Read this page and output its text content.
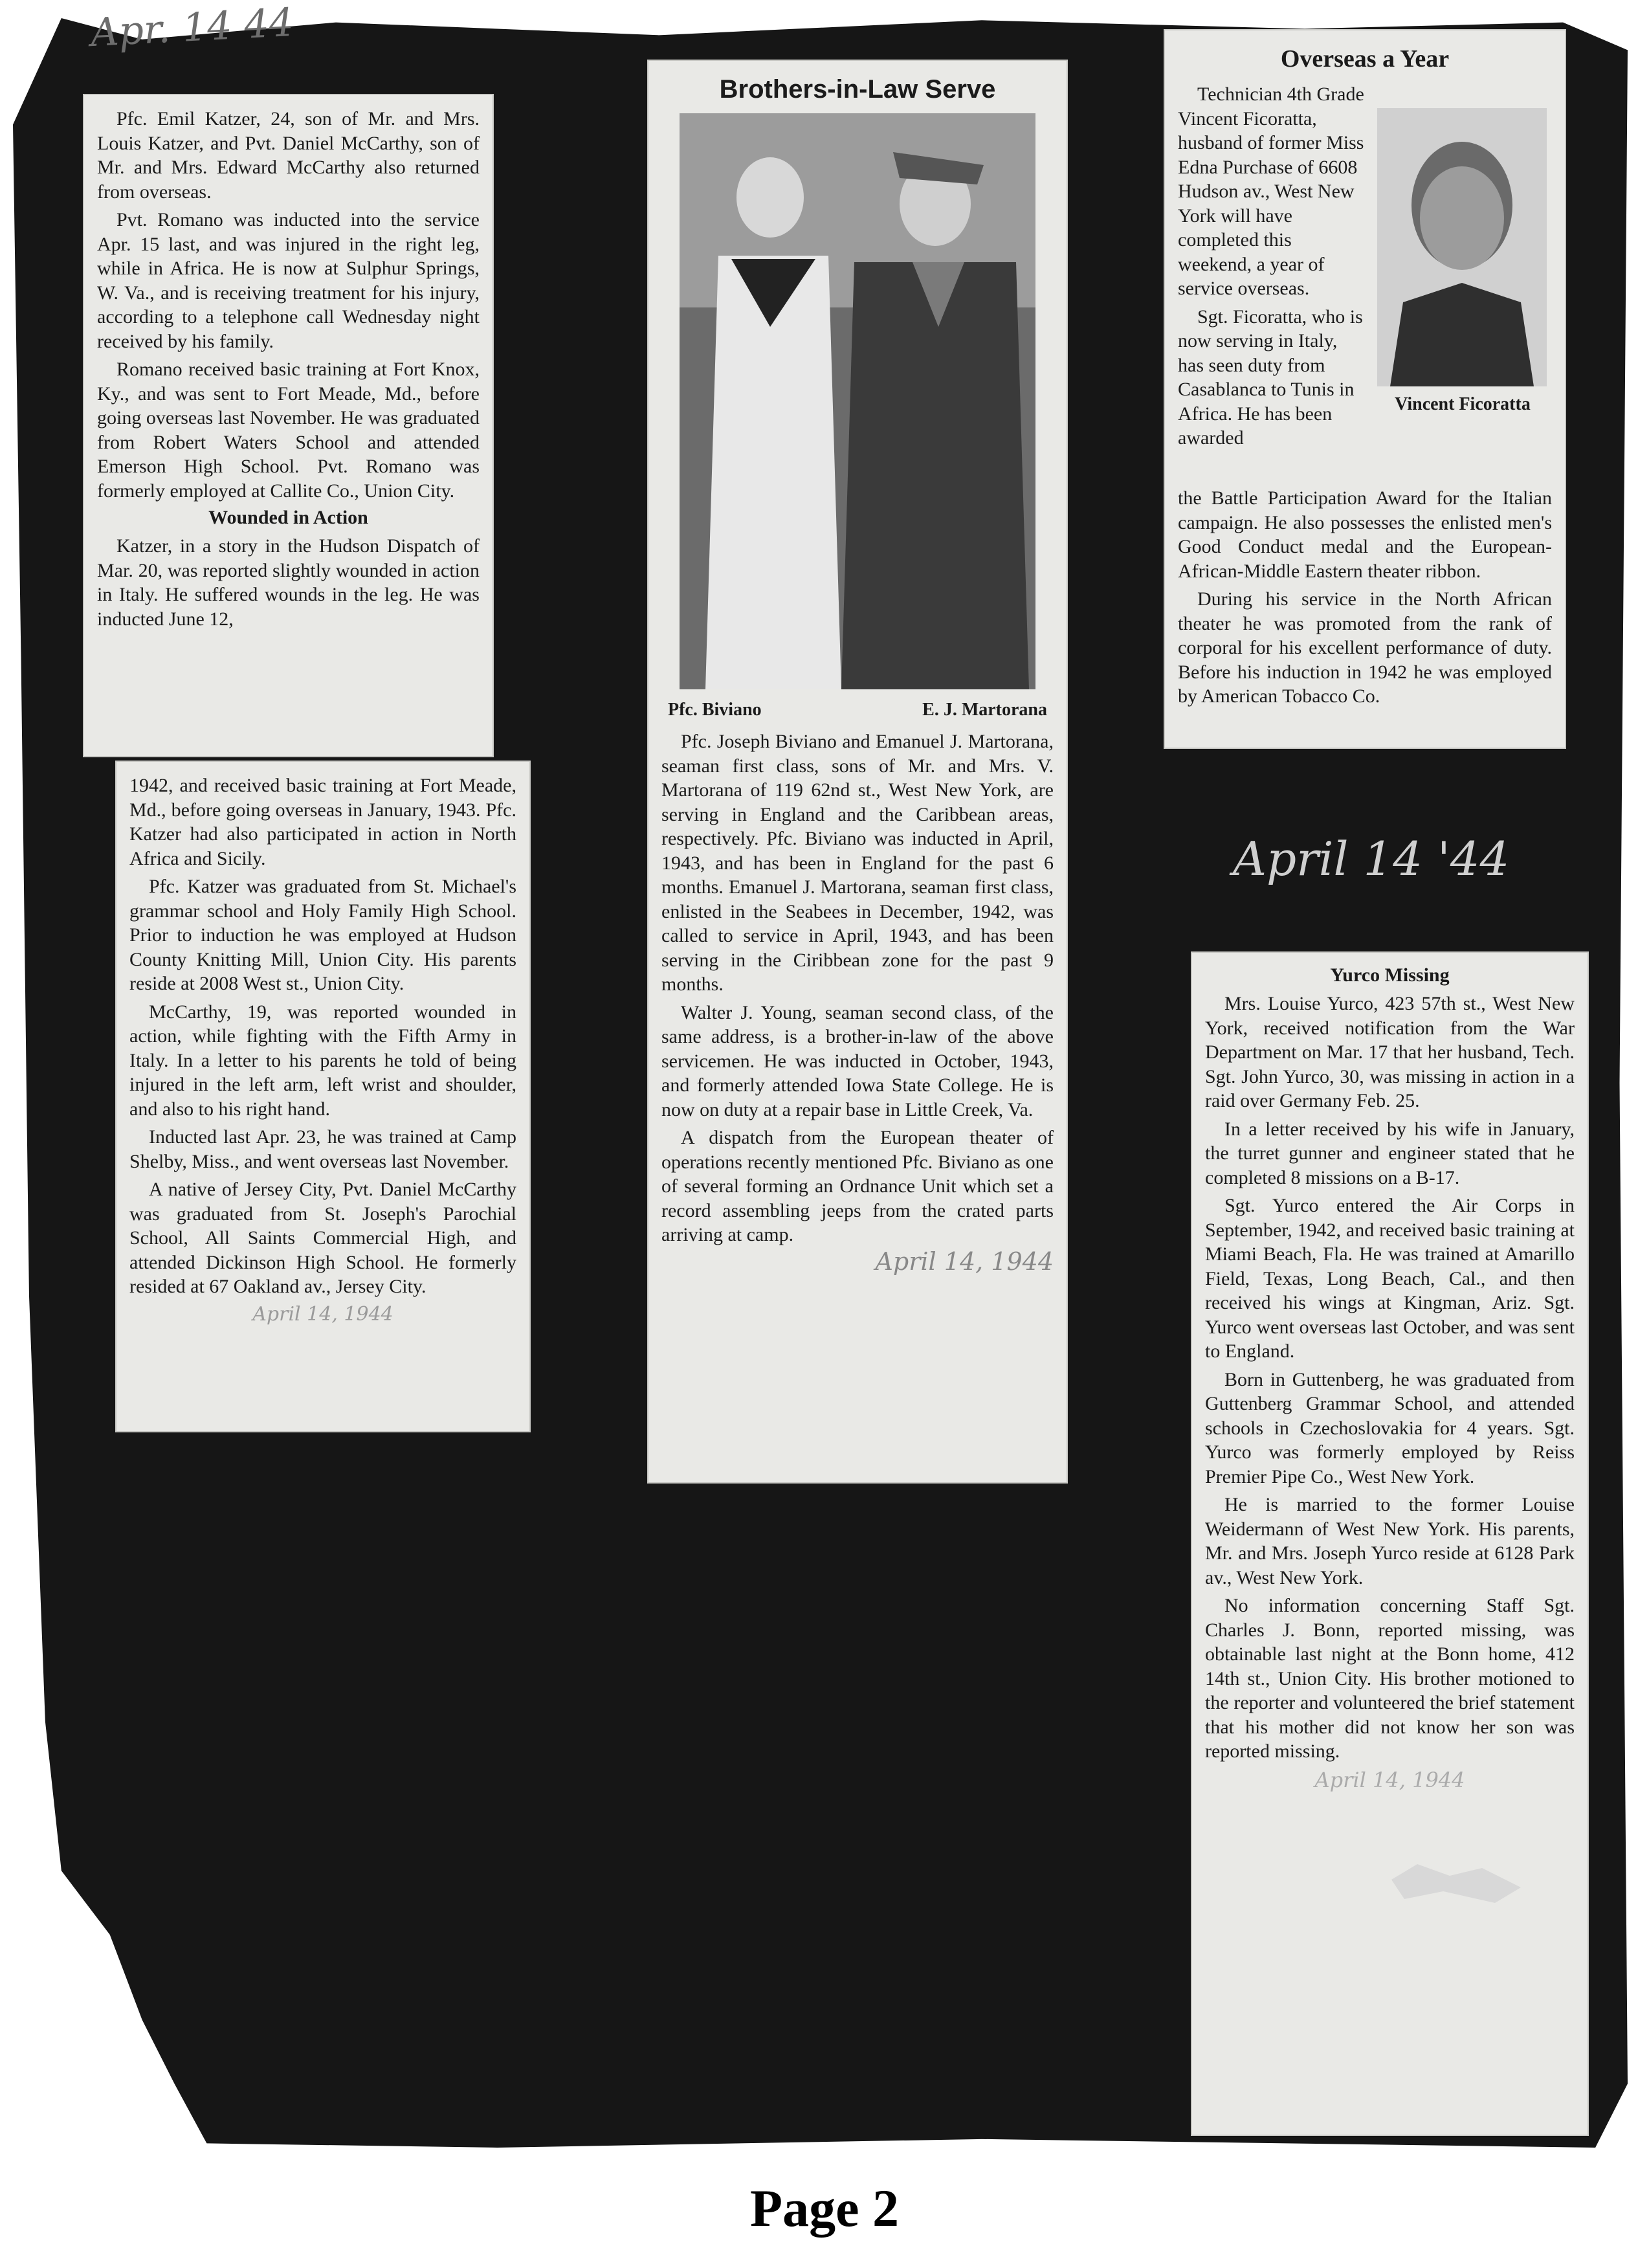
Apr. 14 44

Pfc. Emil Katzer, 24, son of Mr. and Mrs. Louis Katzer, and Pvt. Daniel McCarthy, son of Mr. and Mrs. Edward McCarthy also returned from overseas.

Pvt. Romano was inducted into the service Apr. 15 last, and was injured in the right leg, while in Africa. He is now at Sulphur Springs, W. Va., and is receiving treatment for his injury, according to a telephone call Wednesday night received by his family.

Romano received basic training at Fort Knox, Ky., and was sent to Fort Meade, Md., before going overseas last November. He was graduated from Robert Waters School and attended Emerson High School. Pvt. Romano was formerly employed at Callite Co., Union City.

Wounded in Action

Katzer, in a story in the Hudson Dispatch of Mar. 20, was reported slightly wounded in action in Italy. He suffered wounds in the leg. He was inducted June 12,

1942, and received basic training at Fort Meade, Md., before going overseas in January, 1943. Pfc. Katzer had also participated in action in North Africa and Sicily.

Pfc. Katzer was graduated from St. Michael's grammar school and Holy Family High School. Prior to induction he was employed at Hudson County Knitting Mill, Union City. His parents reside at 2008 West st., Union City.

McCarthy, 19, was reported wounded in action, while fighting with the Fifth Army in Italy. In a letter to his parents he told of being injured in the left arm, left wrist and shoulder, and also to his right hand.

Inducted last Apr. 23, he was trained at Camp Shelby, Miss., and went overseas last November.

A native of Jersey City, Pvt. Daniel McCarthy was graduated from St. Joseph's Parochial School, All Saints Commercial High, and attended Dickinson High School. He formerly resided at 67 Oakland av., Jersey City.

April 14, 1944
Brothers-in-Law Serve
Pfc. Biviano	E. J. Martorana

Pfc. Joseph Biviano and Emanuel J. Martorana, seaman first class, sons of Mr. and Mrs. V. Martorana of 119 62nd st., West New York, are serving in England and the Caribbean areas, respectively. Pfc. Biviano was inducted in April, 1943, and has been in England for the past 6 months. Emanuel J. Martorana, seaman first class, enlisted in the Seabees in December, 1942, was called to service in April, 1943, and has been serving in the Ciribbean zone for the past 9 months.

Walter J. Young, seaman second class, of the same address, is a brother-in-law of the above servicemen. He was inducted in October, 1943, and formerly attended Iowa State College. He is now on duty at a repair base in Little Creek, Va.

A dispatch from the European theater of operations recently mentioned Pfc. Biviano as one of several forming an Ordnance Unit which set a record assembling jeeps from the crated parts arriving at camp.

April 14, 1944
Overseas a Year

Technician 4th Grade Vincent Ficoratta, husband of former Miss Edna Purchase of 6608 Hudson av., West New York will have completed this weekend, a year of service overseas.

Sgt. Ficoratta, who is now serving in Italy, has seen duty from Casablanca to Tunis in Africa. He has been awarded

Vincent Ficoratta

the Battle Participation Award for the Italian campaign. He also possesses the enlisted men's Good Conduct medal and the European-African-Middle Eastern theater ribbon.

During his service in the North African theater he was promoted from the rank of corporal for his excellent performance of duty. Before his induction in 1942 he was employed by American Tobacco Co.

April 14 '44
Yurco Missing

Mrs. Louise Yurco, 423 57th st., West New York, received notification from the War Department on Mar. 17 that her husband, Tech. Sgt. John Yurco, 30, was missing in action in a raid over Germany Feb. 25.

In a letter received by his wife in January, the turret gunner and engineer stated that he completed 8 missions on a B-17.

Sgt. Yurco entered the Air Corps in September, 1942, and received basic training at Miami Beach, Fla. He was trained at Amarillo Field, Texas, Long Beach, Cal., and then received his wings at Kingman, Ariz. Sgt. Yurco went overseas last October, and was sent to England.

Born in Guttenberg, he was graduated from Guttenberg Grammar School, and attended schools in Czechoslovakia for 4 years. Sgt. Yurco was formerly employed by Reiss Premier Pipe Co., West New York.

He is married to the former Louise Weidermann of West New York. His parents, Mr. and Mrs. Joseph Yurco reside at 6128 Park av., West New York.

No information concerning Staff Sgt. Charles J. Bonn, reported missing, was obtainable last night at the Bonn home, 412 14th st., Union City. His brother motioned to the reporter and volunteered the brief statement that his mother did not know her son was reported missing.

April 14, 1944
Page 2
